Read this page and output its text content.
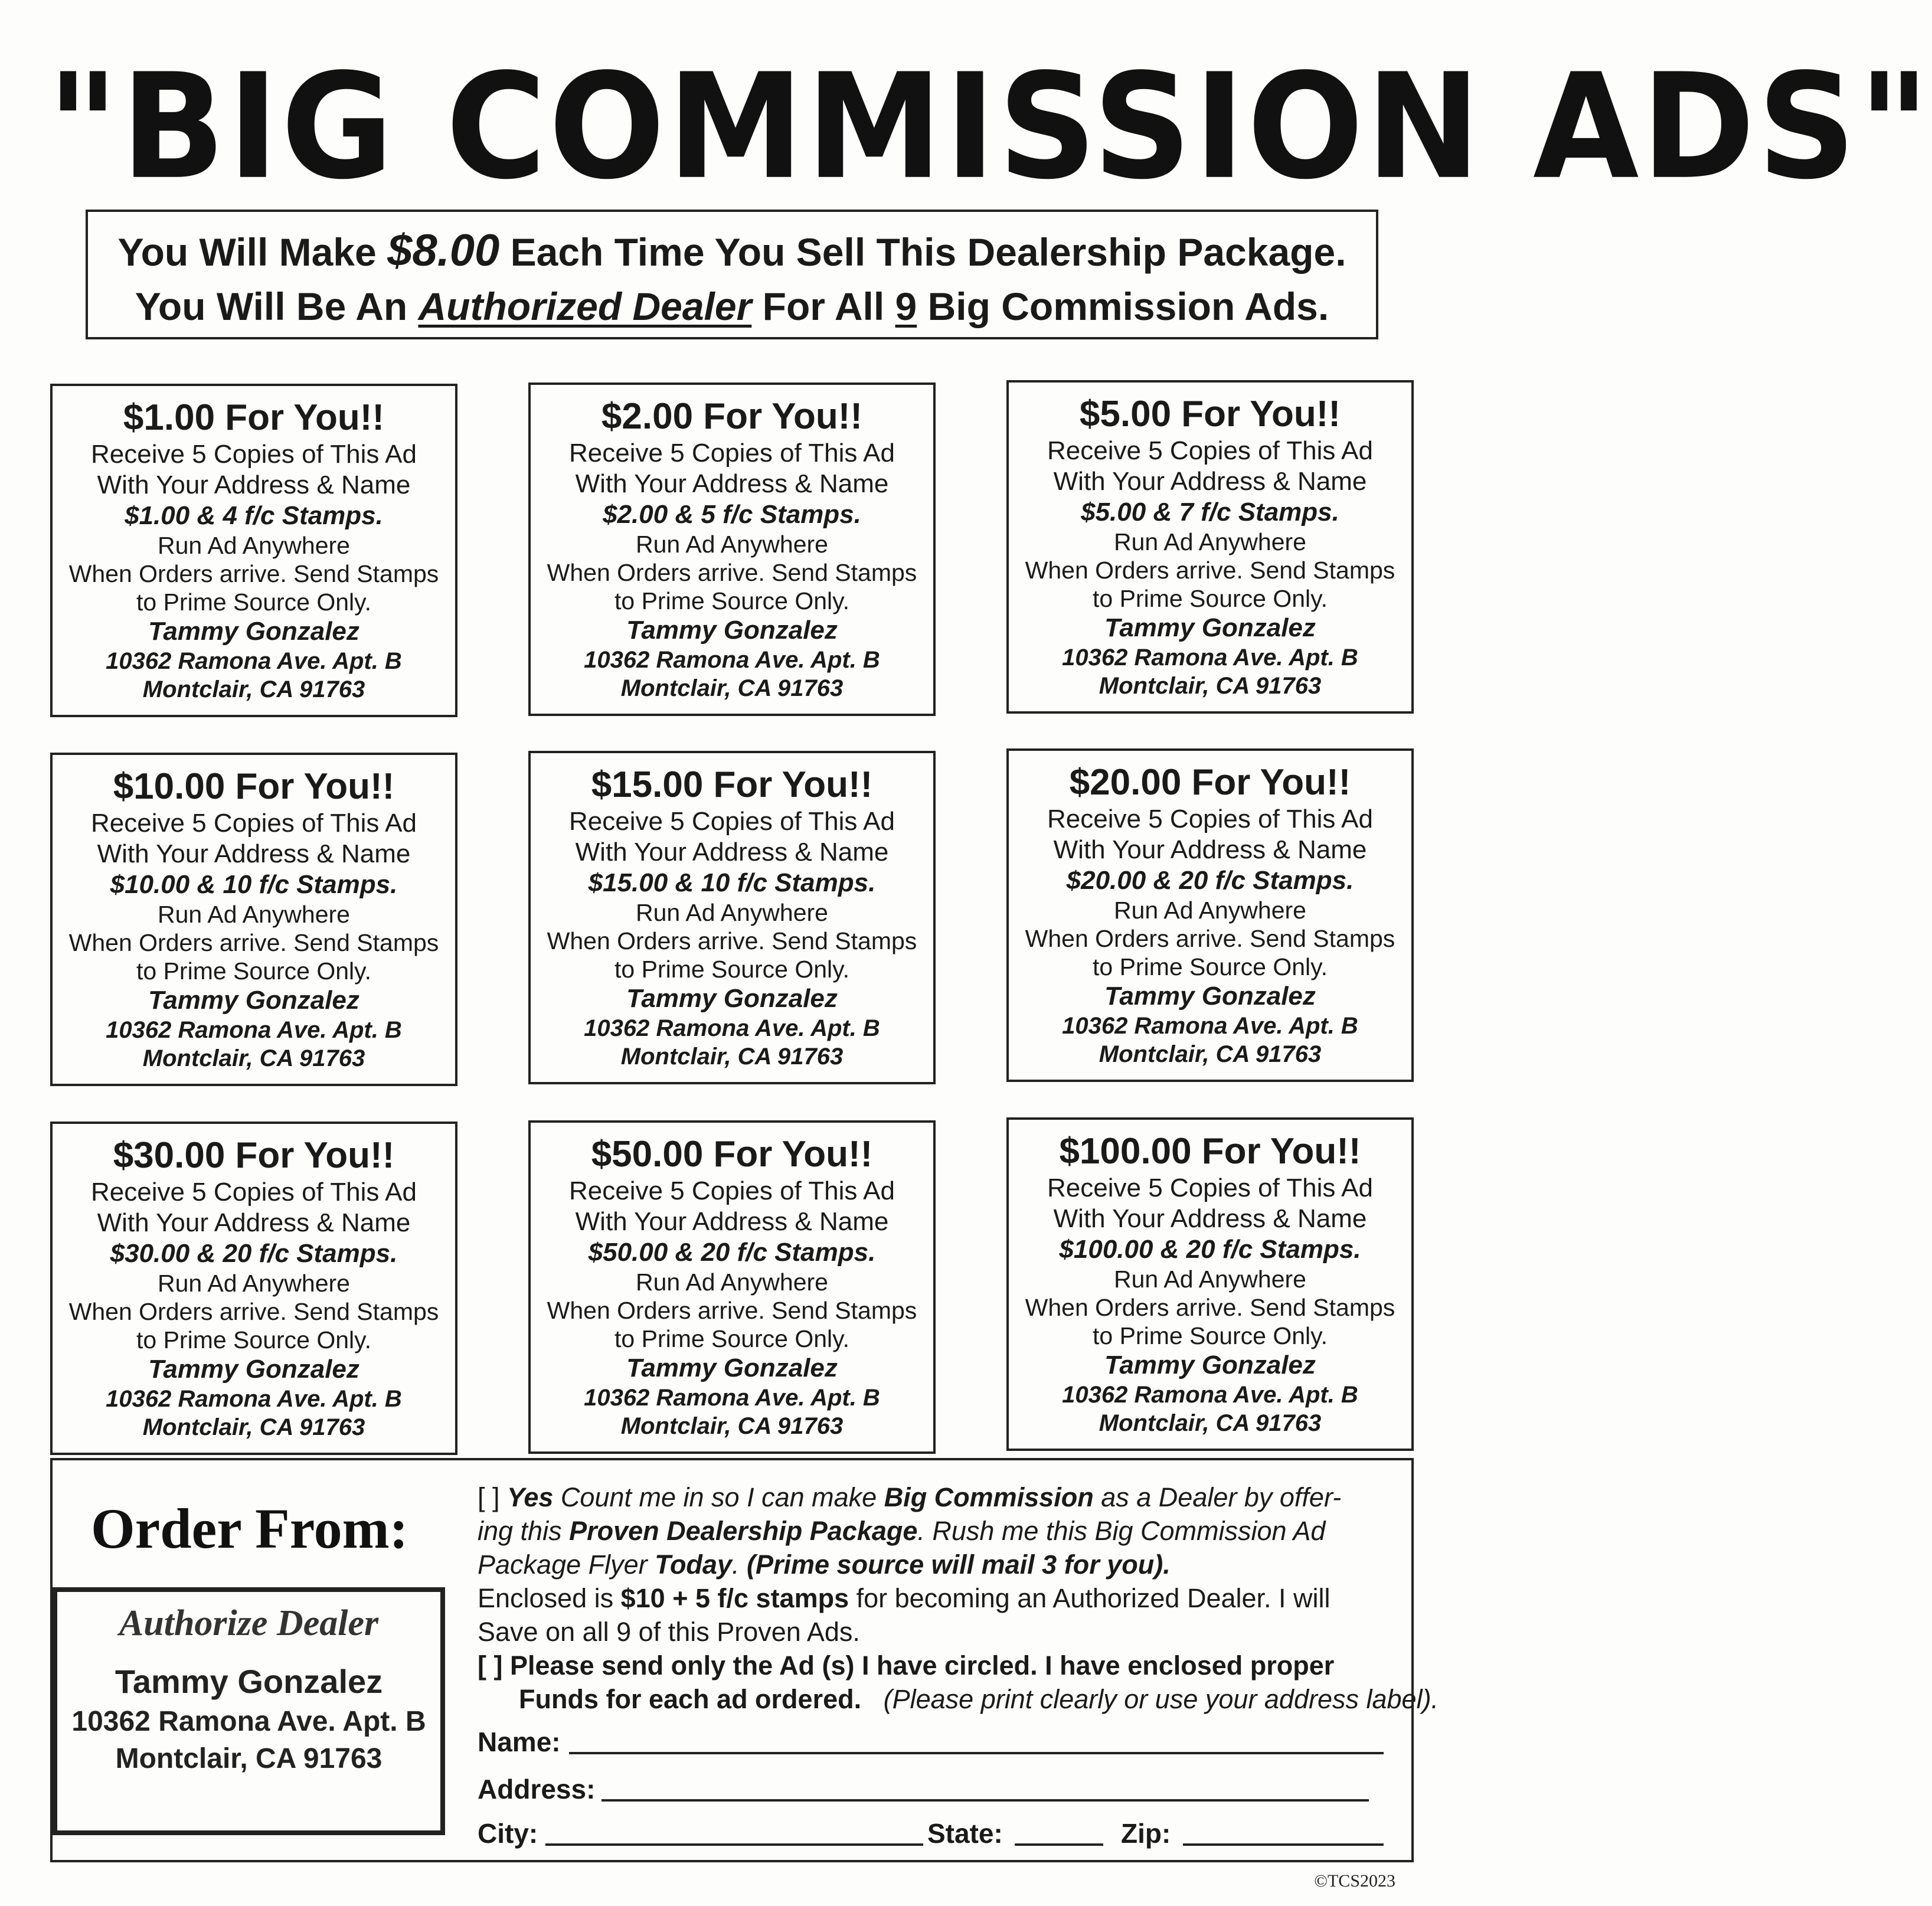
"BIG COMMISSION ADS"
You Will Make $8.00 Each Time You Sell This Dealership Package.
You Will Be An Authorized Dealer For All 9 Big Commission Ads.
$1.00 For You!!
Receive 5 Copies of This Ad
With Your Address & Name
$1.00 & 4 f/c Stamps.
Run Ad Anywhere
When Orders arrive. Send Stamps
to Prime Source Only.
Tammy Gonzalez
10362 Ramona Ave. Apt. B
Montclair, CA 91763
$2.00 For You!!
Receive 5 Copies of This Ad
With Your Address & Name
$2.00 & 5 f/c Stamps.
Run Ad Anywhere
When Orders arrive. Send Stamps
to Prime Source Only.
Tammy Gonzalez
10362 Ramona Ave. Apt. B
Montclair, CA 91763
$5.00 For You!!
Receive 5 Copies of This Ad
With Your Address & Name
$5.00 & 7 f/c Stamps.
Run Ad Anywhere
When Orders arrive. Send Stamps
to Prime Source Only.
Tammy Gonzalez
10362 Ramona Ave. Apt. B
Montclair, CA 91763
$10.00 For You!!
Receive 5 Copies of This Ad
With Your Address & Name
$10.00 & 10 f/c Stamps.
Run Ad Anywhere
When Orders arrive. Send Stamps
to Prime Source Only.
Tammy Gonzalez
10362 Ramona Ave. Apt. B
Montclair, CA 91763
$15.00 For You!!
Receive 5 Copies of This Ad
With Your Address & Name
$15.00 & 10 f/c Stamps.
Run Ad Anywhere
When Orders arrive. Send Stamps
to Prime Source Only.
Tammy Gonzalez
10362 Ramona Ave. Apt. B
Montclair, CA 91763
$20.00 For You!!
Receive 5 Copies of This Ad
With Your Address & Name
$20.00 & 20 f/c Stamps.
Run Ad Anywhere
When Orders arrive. Send Stamps
to Prime Source Only.
Tammy Gonzalez
10362 Ramona Ave. Apt. B
Montclair, CA 91763
$30.00 For You!!
Receive 5 Copies of This Ad
With Your Address & Name
$30.00 & 20 f/c Stamps.
Run Ad Anywhere
When Orders arrive. Send Stamps
to Prime Source Only.
Tammy Gonzalez
10362 Ramona Ave. Apt. B
Montclair, CA 91763
$50.00 For You!!
Receive 5 Copies of This Ad
With Your Address & Name
$50.00 & 20 f/c Stamps.
Run Ad Anywhere
When Orders arrive. Send Stamps
to Prime Source Only.
Tammy Gonzalez
10362 Ramona Ave. Apt. B
Montclair, CA 91763
$100.00 For You!!
Receive 5 Copies of This Ad
With Your Address & Name
$100.00 & 20 f/c Stamps.
Run Ad Anywhere
When Orders arrive. Send Stamps
to Prime Source Only.
Tammy Gonzalez
10362 Ramona Ave. Apt. B
Montclair, CA 91763
Order From:
Authorize Dealer
Tammy Gonzalez
10362 Ramona Ave. Apt. B
Montclair, CA 91763
[ ] Yes Count me in so I can make Big Commission as a Dealer by offer-
ing this Proven Dealership Package. Rush me this Big Commission Ad
Package Flyer Today. (Prime source will mail 3 for you).
Enclosed is $10 + 5 f/c stamps for becoming an Authorized Dealer. I will
Save on all 9 of this Proven Ads.
[ ] Please send only the Ad (s) I have circled. I have enclosed proper
Funds for each ad ordered. (Please print clearly or use your address label).
Name:
Address:
City:	State:	Zip:
©TCS2023
